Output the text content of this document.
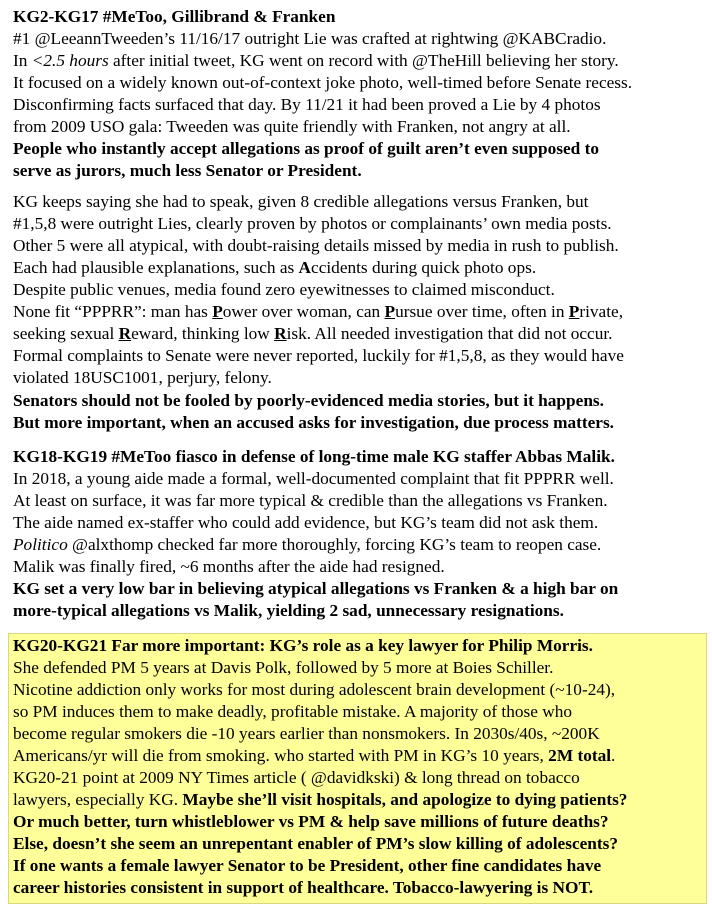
KG2-KG17 #MeToo, Gillibrand & Franken
#1 @LeeannTweeden’s 11/16/17 outright Lie was crafted at rightwing @KABCradio.
In <2.5 hours after initial tweet, KG went on record with @TheHill believing her story.
It focused on a widely known out-of-context joke photo, well-timed before Senate recess.
Disconfirming facts surfaced that day. By 11/21 it had been proved a Lie by 4 photos
from 2009 USO gala: Tweeden was quite friendly with Franken, not angry at all.
People who instantly accept allegations as proof of guilt aren’t even supposed to
serve as jurors, much less Senator or President.
KG keeps saying she had to speak, given 8 credible allegations versus Franken, but
#1,5,8 were outright Lies, clearly proven by photos or complainants’ own media posts.
Other 5 were all atypical, with doubt-raising details missed by media in rush to publish.
Each had plausible explanations, such as Accidents during quick photo ops.
Despite public venues, media found zero eyewitnesses to claimed misconduct.
None fit “PPPRR”: man has Power over woman, can Pursue over time, often in Private,
seeking sexual Reward, thinking low Risk. All needed investigation that did not occur.
Formal complaints to Senate were never reported, luckily for #1,5,8, as they would have
violated 18USC1001, perjury, felony.
Senators should not be fooled by poorly-evidenced media stories, but it happens.
But more important, when an accused asks for investigation, due process matters.
KG18-KG19 #MeToo fiasco in defense of long-time male KG staffer Abbas Malik.
In 2018, a young aide made a formal, well-documented complaint that fit PPPRR well.
At least on surface, it was far more typical & credible than the allegations vs Franken.
The aide named ex-staffer who could add evidence, but KG’s team did not ask them.
Politico @alxthomp checked far more thoroughly, forcing KG’s team to reopen case.
Malik was finally fired, ~6 months after the aide had resigned.
KG set a very low bar in believing atypical allegations vs Franken & a high bar on
more-typical allegations vs Malik, yielding 2 sad, unnecessary resignations.
KG20-KG21 Far more important: KG’s role as a key lawyer for Philip Morris.
She defended PM 5 years at Davis Polk, followed by 5 more at Boies Schiller.
Nicotine addiction only works for most during adolescent brain development (~10-24),
so PM induces them to make deadly, profitable mistake. A majority of those who
become regular smokers die -10 years earlier than nonsmokers. In 2030s/40s, ~200K
Americans/yr will die from smoking. who started with PM in KG’s 10 years, 2M total.
KG20-21 point at 2009 NY Times article ( @davidkski) & long thread on tobacco
lawyers, especially KG. Maybe she’ll visit hospitals, and apologize to dying patients?
Or much better, turn whistleblower vs PM & help save millions of future deaths?
Else, doesn’t she seem an unrepentant enabler of PM’s slow killing of adolescents?
If one wants a female lawyer Senator to be President, other fine candidates have
career histories consistent in support of healthcare. Tobacco-lawyering is NOT.
